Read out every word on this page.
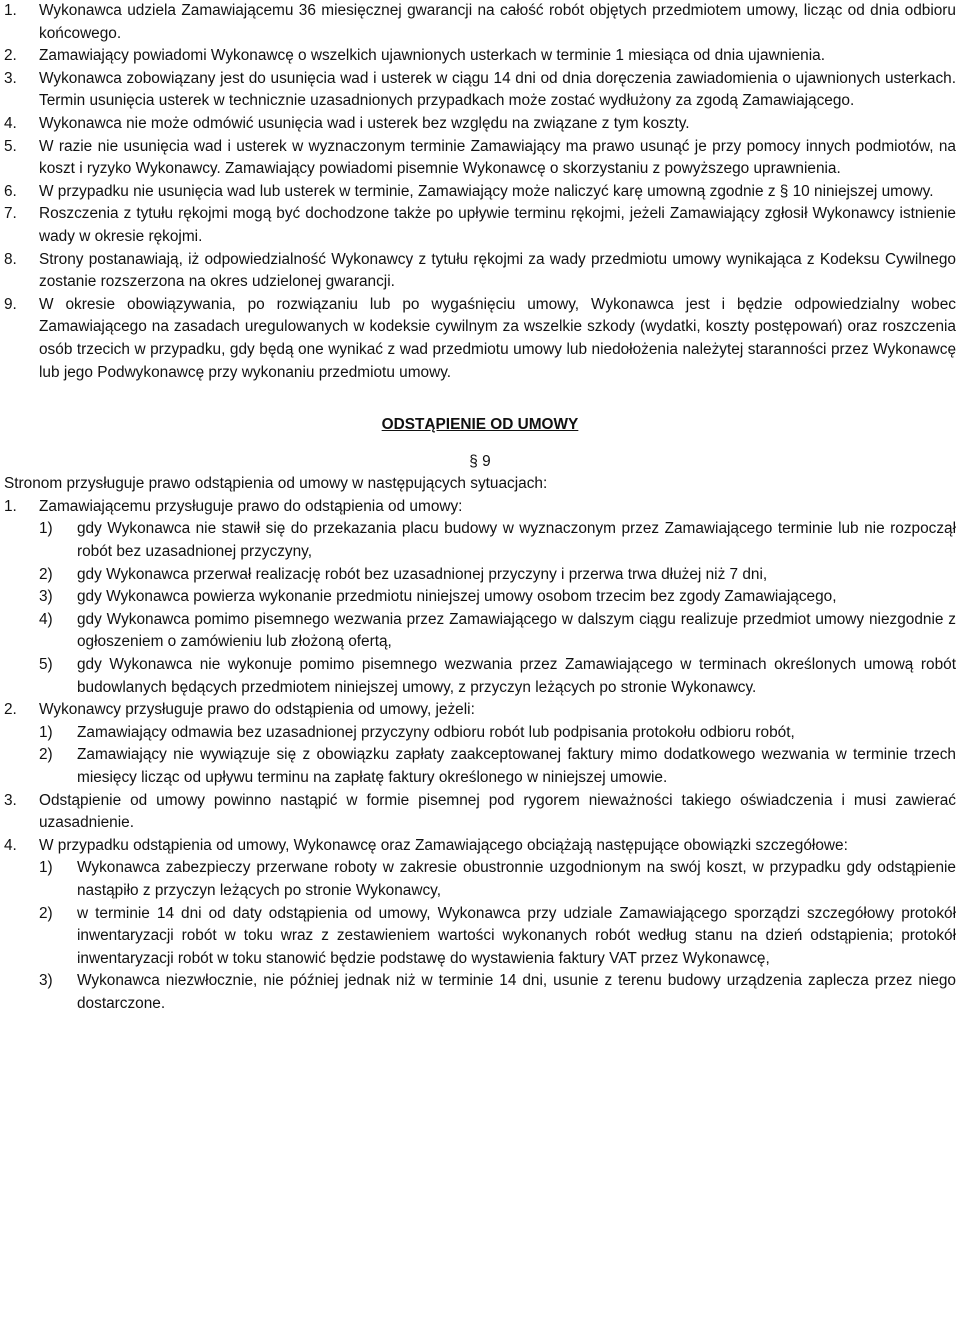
1. Wykonawca udziela Zamawiającemu 36 miesięcznej gwarancji na całość robót objętych przedmiotem umowy, licząc od dnia odbioru końcowego.
2. Zamawiający powiadomi Wykonawcę o wszelkich ujawnionych usterkach w terminie 1 miesiąca od dnia ujawnienia.
3. Wykonawca zobowiązany jest do usunięcia wad i usterek w ciągu 14 dni od dnia doręczenia zawiadomienia o ujawnionych usterkach. Termin usunięcia usterek w technicznie uzasadnionych przypadkach może zostać wydłużony za zgodą Zamawiającego.
4. Wykonawca nie może odmówić usunięcia wad i usterek bez względu na związane z tym koszty.
5. W razie nie usunięcia wad i usterek w wyznaczonym terminie Zamawiający ma prawo usunąć je przy pomocy innych podmiotów, na koszt i ryzyko Wykonawcy. Zamawiający powiadomi pisemnie Wykonawcę o skorzystaniu z powyższego uprawnienia.
6. W przypadku nie usunięcia wad lub usterek w terminie, Zamawiający może naliczyć karę umowną zgodnie z § 10 niniejszej umowy.
7. Roszczenia z tytułu rękojmi mogą być dochodzone także po upływie terminu rękojmi, jeżeli Zamawiający zgłosił Wykonawcy istnienie wady w okresie rękojmi.
8. Strony postanawiają, iż odpowiedzialność Wykonawcy z tytułu rękojmi za wady przedmiotu umowy wynikająca z Kodeksu Cywilnego zostanie rozszerzona na okres udzielonej gwarancji.
9. W okresie obowiązywania, po rozwiązaniu lub po wygaśnięciu umowy, Wykonawca jest i będzie odpowiedzialny wobec Zamawiającego na zasadach uregulowanych w kodeksie cywilnym za wszelkie szkody (wydatki, koszty postępowań) oraz roszczenia osób trzecich w przypadku, gdy będą one wynikać z wad przedmiotu umowy lub niedołożenia należytej staranności przez Wykonawcę lub jego Podwykonawcę przy wykonaniu przedmiotu umowy.
ODSTĄPIENIE OD UMOWY
§ 9
Stronom przysługuje prawo odstąpienia od umowy w następujących sytuacjach:
1. Zamawiającemu przysługuje prawo do odstąpienia od umowy:
1) gdy Wykonawca nie stawił się do przekazania placu budowy w wyznaczonym przez Zamawiającego terminie lub nie rozpoczął robót bez uzasadnionej przyczyny,
2) gdy Wykonawca przerwał realizację robót bez uzasadnionej przyczyny i przerwa trwa dłużej niż 7 dni,
3) gdy Wykonawca powierza wykonanie przedmiotu niniejszej umowy osobom trzecim bez zgody Zamawiającego,
4) gdy Wykonawca pomimo pisemnego wezwania przez Zamawiającego w dalszym ciągu realizuje przedmiot umowy niezgodnie z ogłoszeniem o zamówieniu lub złożoną ofertą,
5) gdy Wykonawca nie wykonuje pomimo pisemnego wezwania przez Zamawiającego w terminach określonych umową robót budowlanych będących przedmiotem niniejszej umowy, z przyczyn leżących po stronie Wykonawcy.
2. Wykonawcy przysługuje prawo do odstąpienia od umowy, jeżeli:
1) Zamawiający odmawia bez uzasadnionej przyczyny odbioru robót lub podpisania protokołu odbioru robót,
2) Zamawiający nie wywiązuje się z obowiązku zapłaty zaakceptowanej faktury mimo dodatkowego wezwania w terminie trzech miesięcy licząc od upływu terminu na zapłatę faktury określonego w niniejszej umowie.
3. Odstąpienie od umowy powinno nastąpić w formie pisemnej pod rygorem nieważności takiego oświadczenia i musi zawierać uzasadnienie.
4. W przypadku odstąpienia od umowy, Wykonawcę oraz Zamawiającego obciążają następujące obowiązki szczegółowe:
1) Wykonawca zabezpieczy przerwane roboty w zakresie obustronnie uzgodnionym na swój koszt, w przypadku gdy odstąpienie nastąpiło z przyczyn leżących po stronie Wykonawcy,
2) w terminie 14 dni od daty odstąpienia od umowy, Wykonawca przy udziale Zamawiającego sporządzi szczegółowy protokół inwentaryzacji robót w toku wraz z zestawieniem wartości wykonanych robót według stanu na dzień odstąpienia; protokół inwentaryzacji robót w toku stanowić będzie podstawę do wystawienia faktury VAT przez Wykonawcę,
3) Wykonawca niezwłocznie, nie później jednak niż w terminie 14 dni, usunie z terenu budowy urządzenia zaplecza przez niego dostarczone.
